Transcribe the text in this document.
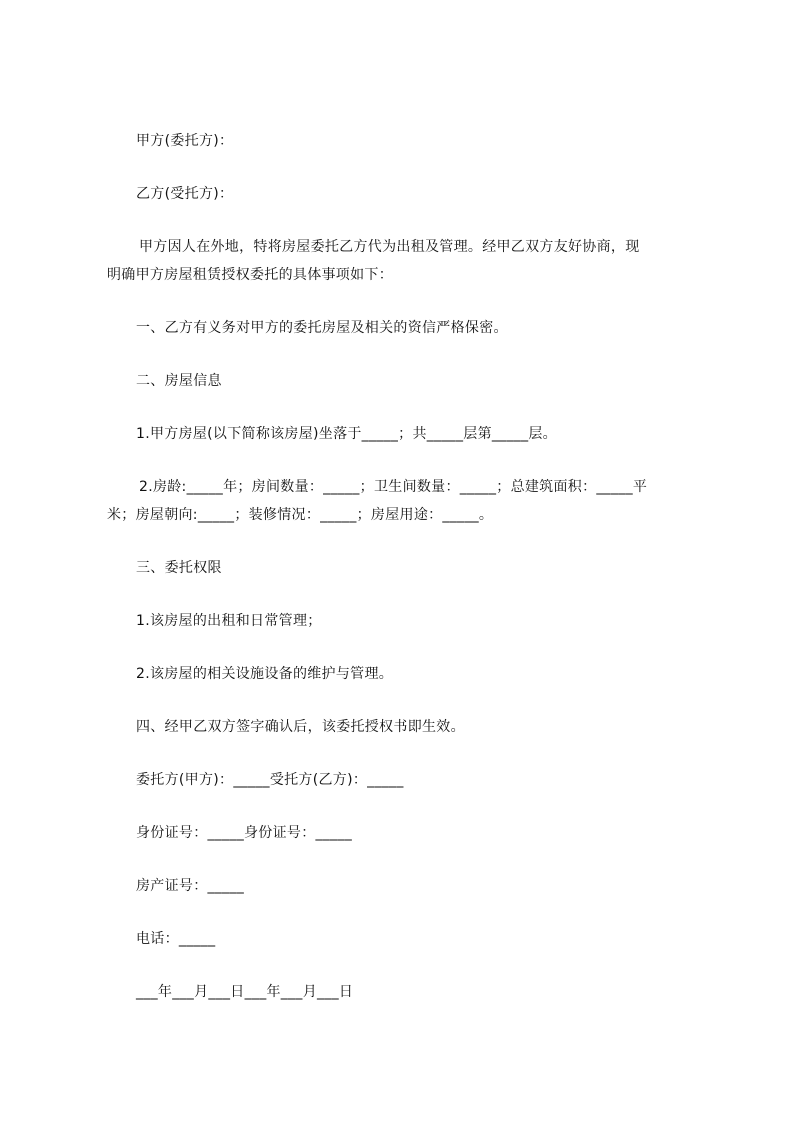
甲方(委托方)：
乙方(受托方)：
甲方因人在外地，特将房屋委托乙方代为出租及管理。经甲乙双方友好协商，现
明确甲方房屋租赁授权委托的具体事项如下：
一、乙方有义务对甲方的委托房屋及相关的资信严格保密。
二、房屋信息
1.甲方房屋(以下简称该房屋)坐落于_____；共_____层第_____层。
2.房龄:_____年；房间数量：_____；卫生间数量：_____；总建筑面积：_____平
米；房屋朝向:_____；装修情况：_____；房屋用途：_____。
三、委托权限
1.该房屋的出租和日常管理；
2.该房屋的相关设施设备的维护与管理。
四、经甲乙双方签字确认后，该委托授权书即生效。
委托方(甲方)：_____受托方(乙方)：_____
身份证号：_____身份证号：_____
房产证号：_____
电话：_____
___年___月___日___年___月___日
